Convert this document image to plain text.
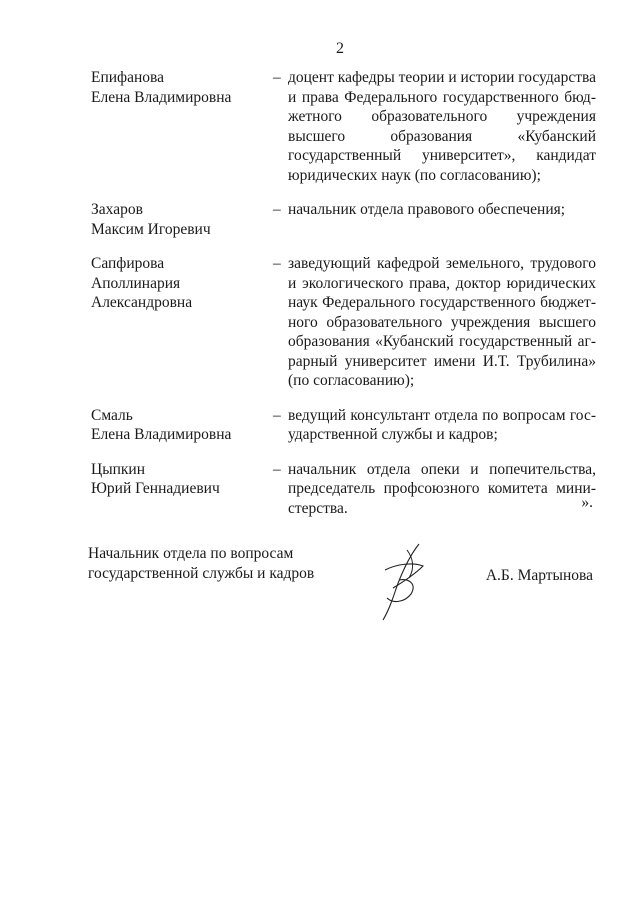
2
Епифанова
Елена Владимировна
– доцент кафедры теории и истории государства и права Федерального государственного бюджетного образовательного учреждения высшего образования «Кубанский государственный университет», кандидат юридических наук (по согласованию);
Захаров
Максим Игоревич
– начальник отдела правового обеспечения;
Сапфирова
Аполлинария
Александровна
– заведующий кафедрой земельного, трудового и экологического права, доктор юридических наук Федерального государственного бюджетного образовательного учреждения высшего образования «Кубанский государственный аграрный университет имени И.Т. Трубилина» (по согласованию);
Смаль
Елена Владимировна
– ведущий консультант отдела по вопросам государственной службы и кадров;
Цыпкин
Юрий Геннадиевич
– начальник отдела опеки и попечительства, председатель профсоюзного комитета министерства.	».
Начальник отдела по вопросам
государственной службы и кадров	А.Б. Мартынова
